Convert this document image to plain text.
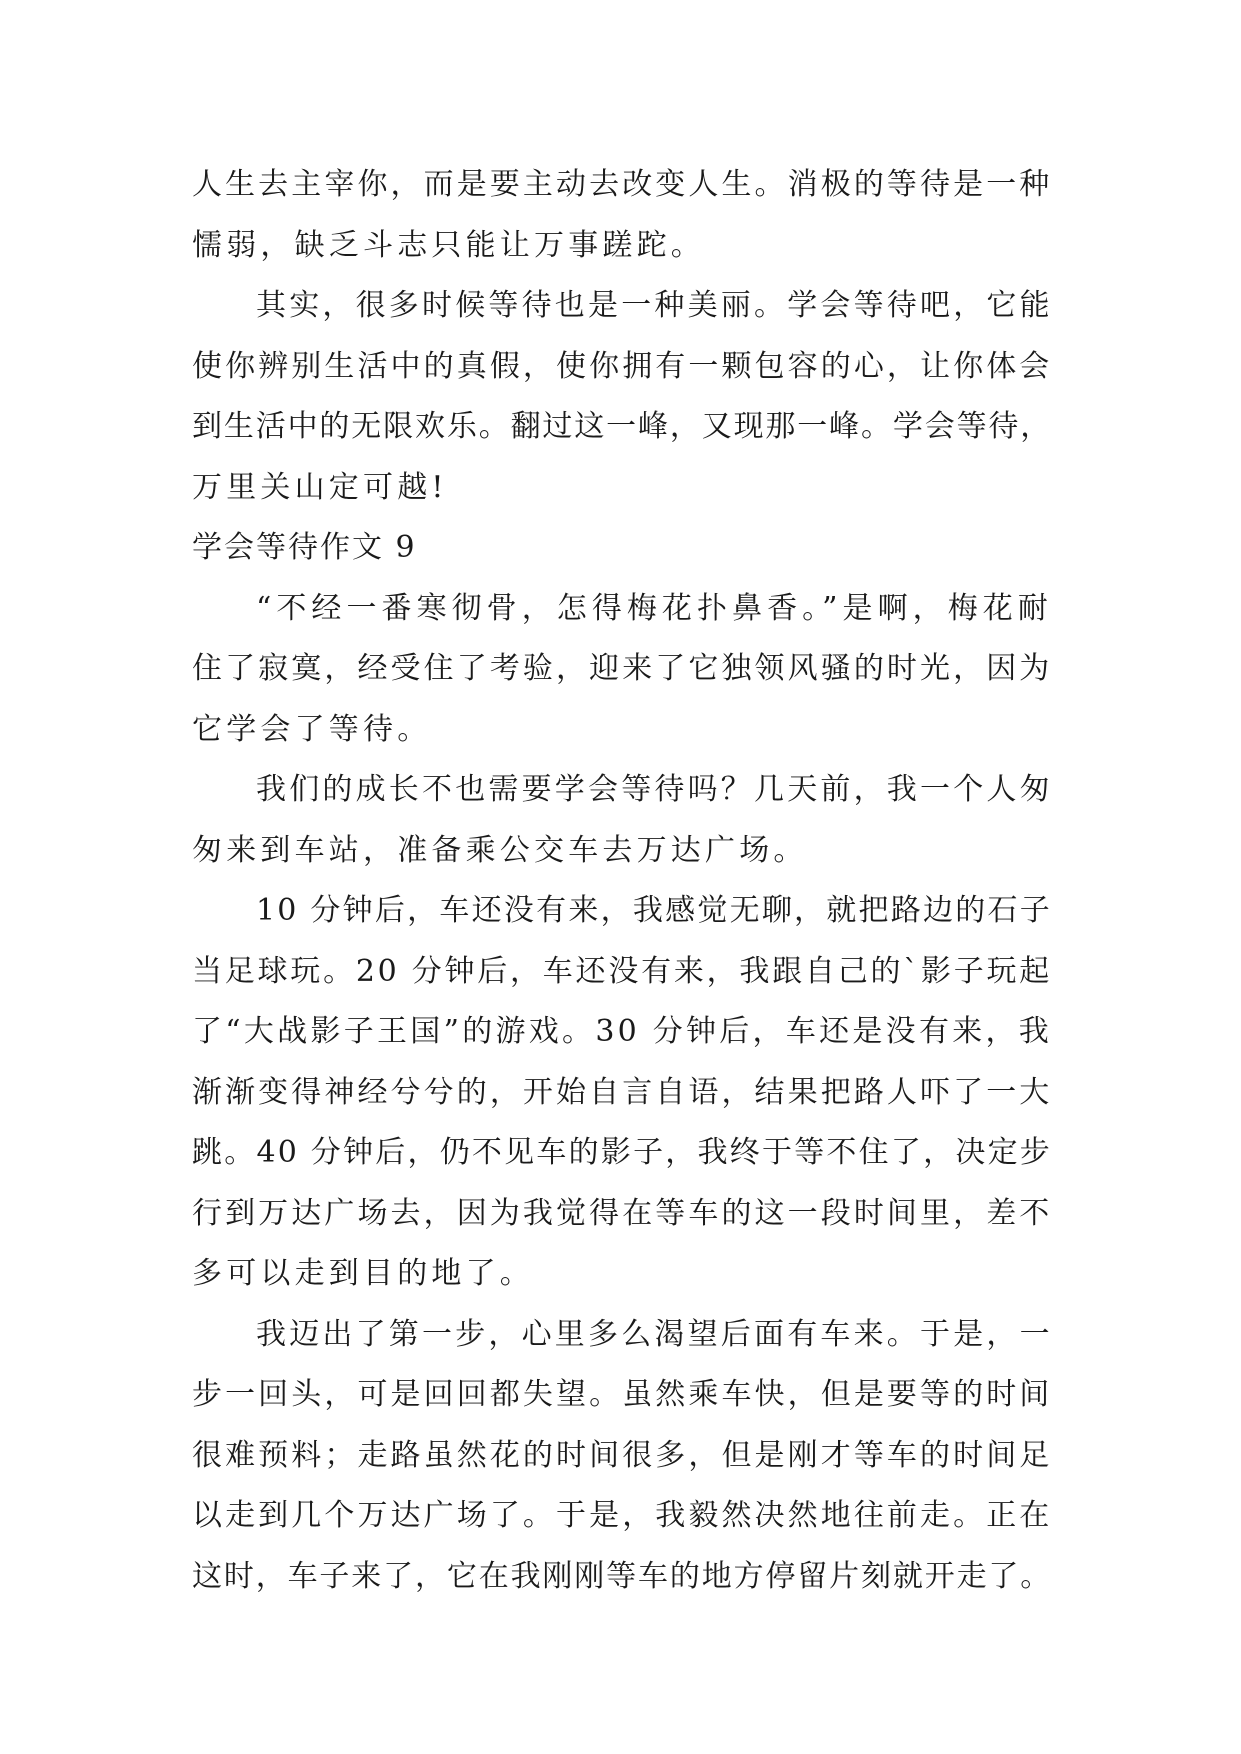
人生去主宰你，而是要主动去改变人生。消极的等待是一种
懦弱，缺乏斗志只能让万事蹉跎。
其实，很多时候等待也是一种美丽。学会等待吧，它能
使你辨别生活中的真假，使你拥有一颗包容的心，让你体会
到生活中的无限欢乐。翻过这一峰，又现那一峰。学会等待，
万里关山定可越!
学会等待作文 9
“不经一番寒彻骨，怎得梅花扑鼻香。”是啊，梅花耐
住了寂寞，经受住了考验，迎来了它独领风骚的时光，因为
它学会了等待。
我们的成长不也需要学会等待吗？几天前，我一个人匆
匆来到车站，准备乘公交车去万达广场。
10 分钟后，车还没有来，我感觉无聊，就把路边的石子
当足球玩。20 分钟后，车还没有来，我跟自己的`影子玩起
了“大战影子王国”的游戏。30 分钟后，车还是没有来，我
渐渐变得神经兮兮的，开始自言自语，结果把路人吓了一大
跳。40 分钟后，仍不见车的影子，我终于等不住了，决定步
行到万达广场去，因为我觉得在等车的这一段时间里，差不
多可以走到目的地了。
我迈出了第一步，心里多么渴望后面有车来。于是，一
步一回头，可是回回都失望。虽然乘车快，但是要等的时间
很难预料；走路虽然花的时间很多，但是刚才等车的时间足
以走到几个万达广场了。于是，我毅然决然地往前走。正在
这时，车子来了，它在我刚刚等车的地方停留片刻就开走了。
